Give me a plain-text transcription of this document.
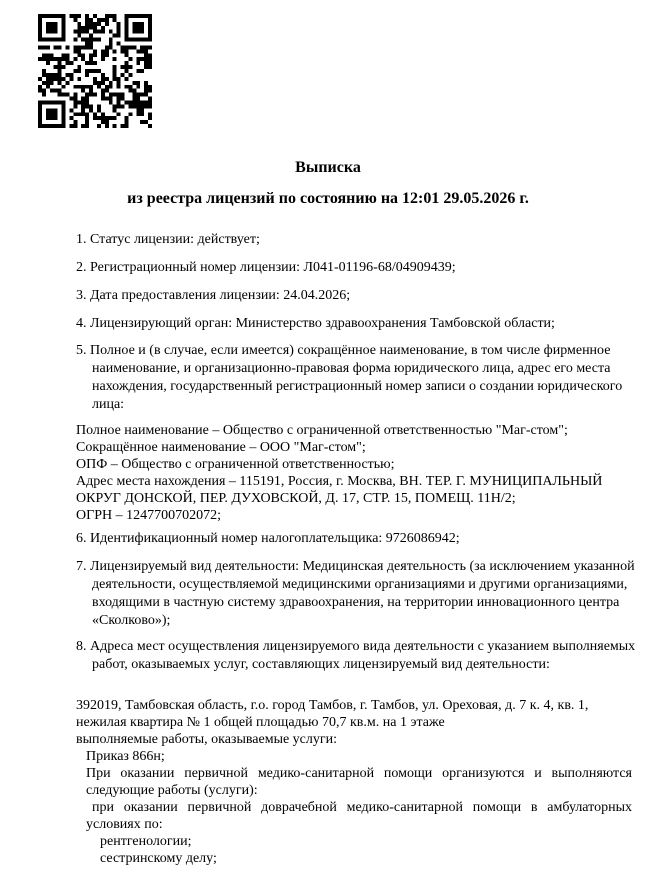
Выписка
из реестра лицензий по состоянию на 12:01 29.05.2026 г.
1. Статус лицензии: действует;
2. Регистрационный номер лицензии: Л041-01196-68/04909439;
3. Дата предоставления лицензии: 24.04.2026;
4. Лицензирующий орган: Министерство здравоохранения Тамбовской области;
5. Полное и (в случае, если имеется) сокращённое наименование, в том числе фирменное наименование, и организационно-правовая форма юридического лица, адрес его места нахождения, государственный регистрационный номер записи о создании юридического лица:
Полное наименование – Общество с ограниченной ответственностью "Маг-стом";
Сокращённое наименование – ООО "Маг-стом";
ОПФ – Общество с ограниченной ответственностью;
Адрес места нахождения – 115191, Россия, г. Москва, ВН. ТЕР. Г. МУНИЦИПАЛЬНЫЙ
ОКРУГ ДОНСКОЙ, ПЕР. ДУХОВСКОЙ, Д. 17, СТР. 15, ПОМЕЩ. 11Н/2;
ОГРН – 1247700702072;
6. Идентификационный номер налогоплательщика: 9726086942;
7. Лицензируемый вид деятельности: Медицинская деятельность (за исключением указанной деятельности, осуществляемой медицинскими организациями и другими организациями, входящими в частную систему здравоохранения, на территории инновационного центра «Сколково»);
8. Адреса мест осуществления лицензируемого вида деятельности с указанием выполняемых работ, оказываемых услуг, составляющих лицензируемый вид деятельности:
392019, Тамбовская область, г.о. город Тамбов, г. Тамбов, ул. Ореховая, д. 7 к. 4, кв. 1,
нежилая квартира № 1 общей площадью 70,7 кв.м. на 1 этаже
выполняемые работы, оказываемые услуги:
Приказ 866н;
При оказании первичной медико-санитарной помощи организуются и выполняются
следующие работы (услуги):
при оказании первичной доврачебной медико-санитарной помощи в амбулаторных
условиях по:
рентгенологии;
сестринскому делу;
